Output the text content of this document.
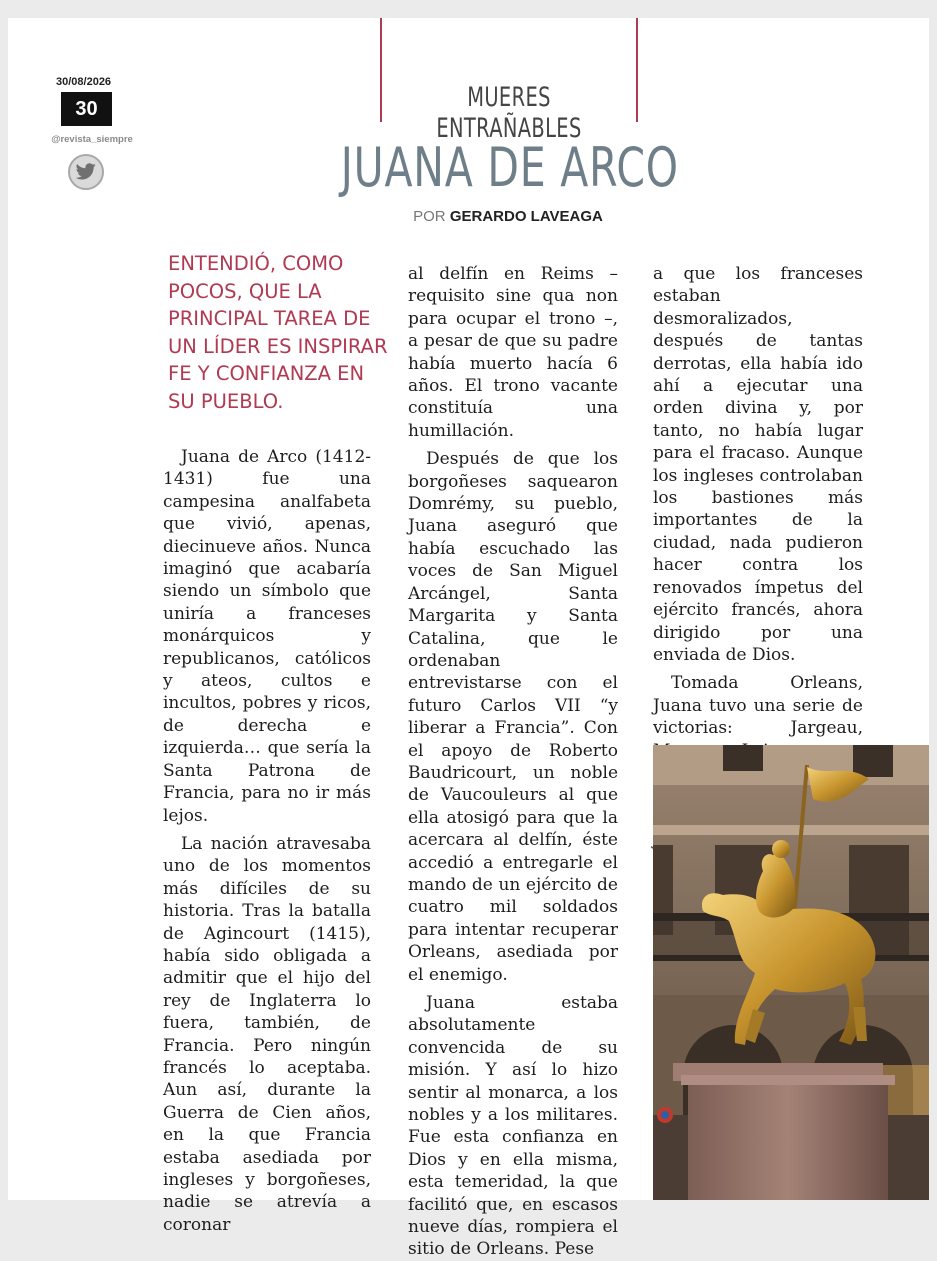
30/08/2026
30
@revista_siempre
MUERES ENTRAÑABLES
JUANA DE ARCO
POR GERARDO LAVEAGA
ENTENDIÓ, COMO POCOS, QUE LA PRINCIPAL TAREA DE UN LÍDER ES INSPIRAR FE Y CONFIANZA EN SU PUEBLO.

Juana de Arco (1412-1431) fue una campesina analfabeta que vivió, apenas, diecinueve años. Nunca imaginó que acabaría siendo un símbolo que uniría a franceses monárquicos y republicanos, católicos y ateos, cultos e incultos, pobres y ricos, de derecha e izquierda… que sería la Santa Patrona de Francia, para no ir más lejos.

La nación atravesaba uno de los momentos más difíciles de su historia. Tras la batalla de Agincourt (1415), había sido obligada a admitir que el hijo del rey de Inglaterra lo fuera, también, de Francia. Pero ningún francés lo aceptaba. Aun así, durante la Guerra de Cien años, en la que Francia estaba asediada por ingleses y borgoñeses, nadie se atrevía a coronar

al delfín en Reims – requisito sine qua non para ocupar el trono –, a pesar de que su padre había muerto hacía 6 años. El trono vacante constituía una humillación.

Después de que los borgoñeses saquearon Domrémy, su pueblo, Juana aseguró que había escuchado las voces de San Miguel Arcángel, Santa Margarita y Santa Catalina, que le ordenaban entrevistarse con el futuro Carlos VII “y liberar a Francia”. Con el apoyo de Roberto Baudricourt, un noble de Vaucouleurs al que ella atosigó para que la acercara al delfín, éste accedió a entregarle el mando de un ejército de cuatro mil soldados para intentar recuperar Orleans, asediada por el enemigo.

Juana estaba absolutamente convencida de su misión. Y así lo hizo sentir al monarca, a los nobles y a los militares. Fue esta confianza en Dios y en ella misma, esta temeridad, la que facilitó que, en escasos nueve días, rompiera el sitio de Orleans. Pese

a que los franceses estaban desmoralizados, después de tantas derrotas, ella había ido ahí a ejecutar una orden divina y, por tanto, no había lugar para el fracaso. Aunque los ingleses controlaban los bastiones más importantes de la ciudad, nada pudieron hacer contra los renovados ímpetus del ejército francés, ahora dirigido por una enviada de Dios.

Tomada Orleans, Juana tuvo una serie de victorias: Jargeau,
